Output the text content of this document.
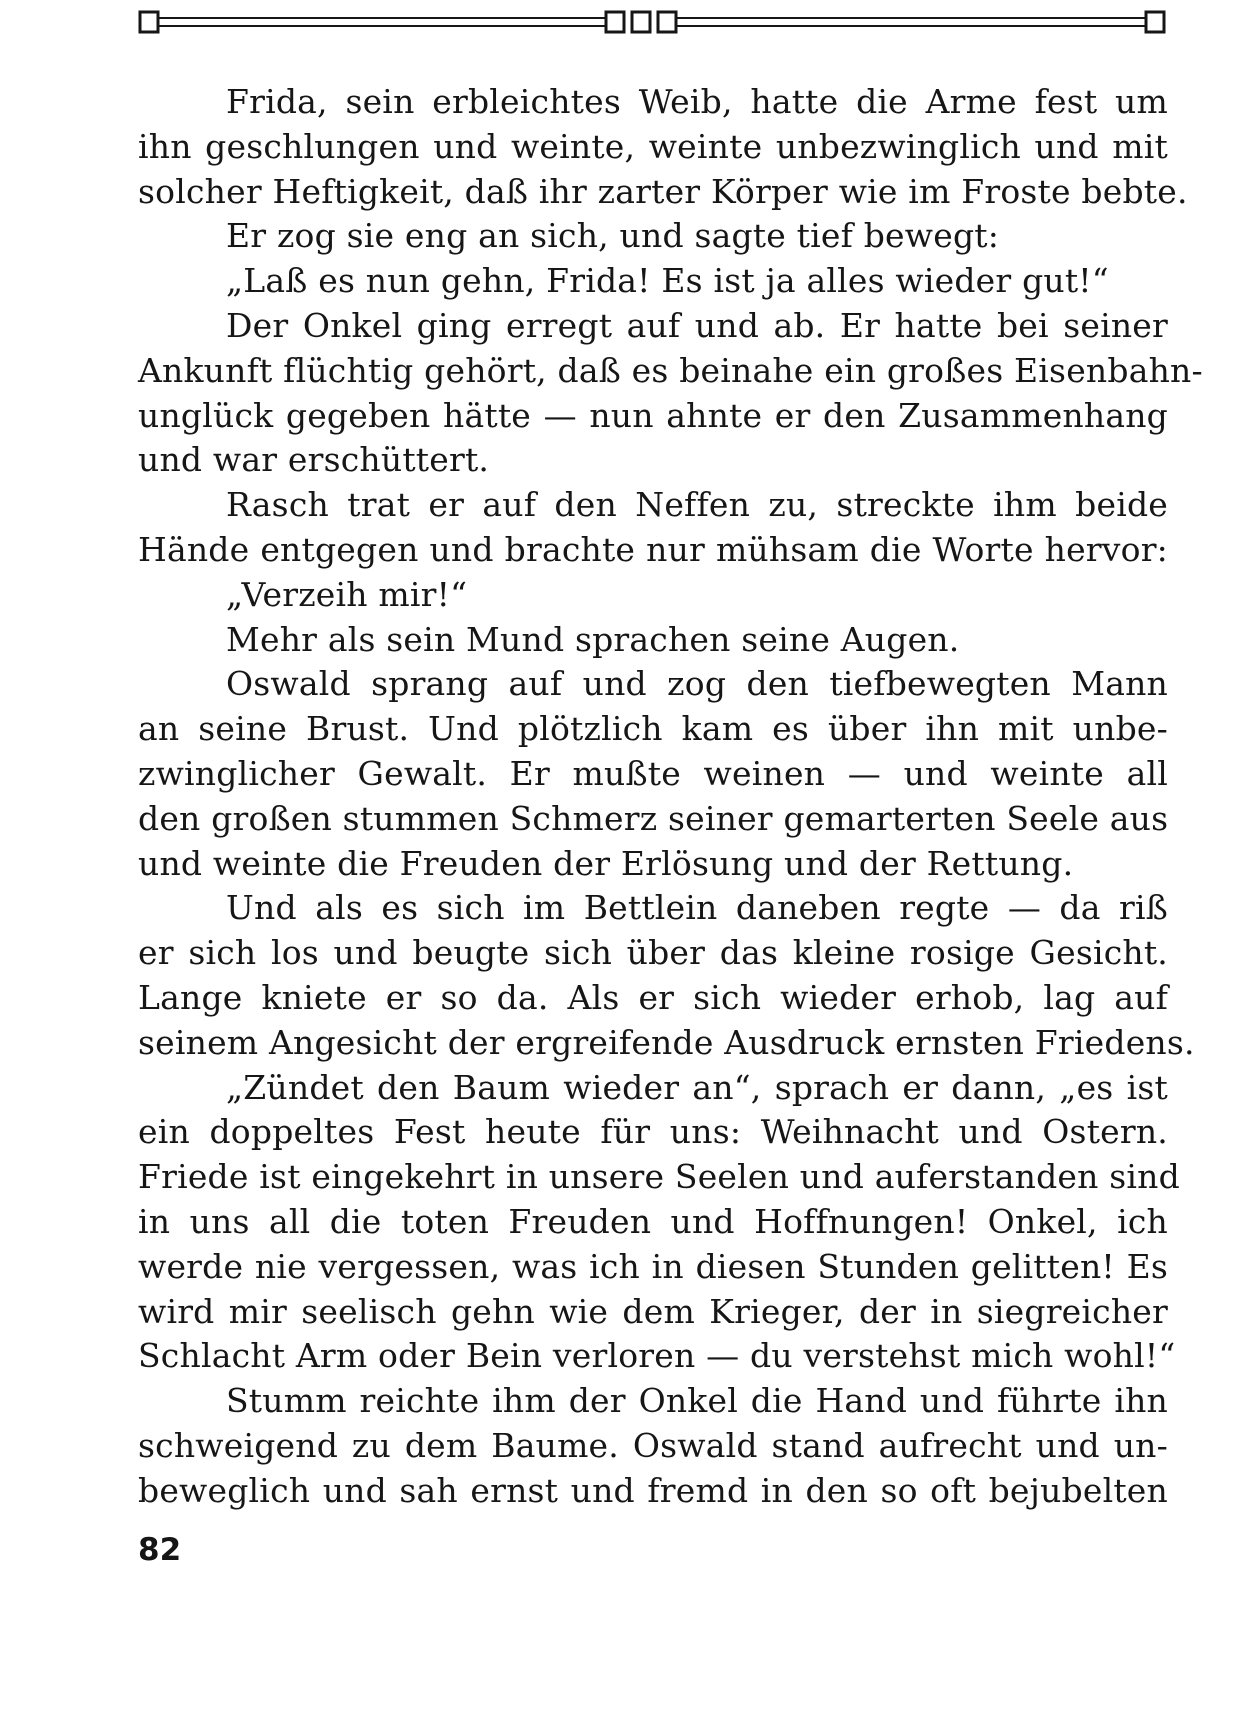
Frida, sein erbleichtes Weib, hatte die Arme fest um
ihn geschlungen und weinte, weinte unbezwinglich und mit
solcher Heftigkeit, daß ihr zarter Körper wie im Froste bebte.
Er zog sie eng an sich, und sagte tief bewegt:
„Laß es nun gehn, Frida! Es ist ja alles wieder gut!“
Der Onkel ging erregt auf und ab. Er hatte bei seiner
Ankunft flüchtig gehört, daß es beinahe ein großes Eisenbahn-
unglück gegeben hätte — nun ahnte er den Zusammenhang
und war erschüttert.
Rasch trat er auf den Neffen zu, streckte ihm beide
Hände entgegen und brachte nur mühsam die Worte hervor:
„Verzeih mir!“
Mehr als sein Mund sprachen seine Augen.
Oswald sprang auf und zog den tiefbewegten Mann
an seine Brust. Und plötzlich kam es über ihn mit unbe-
zwinglicher Gewalt. Er mußte weinen — und weinte all
den großen stummen Schmerz seiner gemarterten Seele aus
und weinte die Freuden der Erlösung und der Rettung.
Und als es sich im Bettlein daneben regte — da riß
er sich los und beugte sich über das kleine rosige Gesicht.
Lange kniete er so da. Als er sich wieder erhob, lag auf
seinem Angesicht der ergreifende Ausdruck ernsten Friedens.
„Zündet den Baum wieder an“, sprach er dann, „es ist
ein doppeltes Fest heute für uns: Weihnacht und Ostern.
Friede ist eingekehrt in unsere Seelen und auferstanden sind
in uns all die toten Freuden und Hoffnungen! Onkel, ich
werde nie vergessen, was ich in diesen Stunden gelitten! Es
wird mir seelisch gehn wie dem Krieger, der in siegreicher
Schlacht Arm oder Bein verloren — du verstehst mich wohl!“
Stumm reichte ihm der Onkel die Hand und führte ihn
schweigend zu dem Baume. Oswald stand aufrecht und un-
beweglich und sah ernst und fremd in den so oft bejubelten
82
